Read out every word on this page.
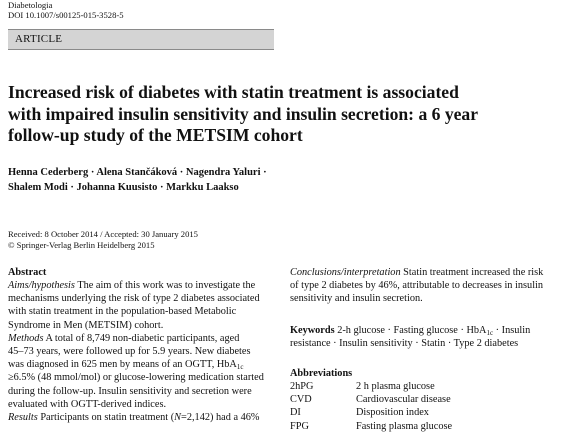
Diabetologia
DOI 10.1007/s00125-015-3528-5
ARTICLE
Increased risk of diabetes with statin treatment is associated
with impaired insulin sensitivity and insulin secretion: a 6 year
follow-up study of the METSIM cohort
Henna Cederberg · Alena Stančáková · Nagendra Yaluri ·
Shalem Modi · Johanna Kuusisto · Markku Laakso
Received: 8 October 2014 / Accepted: 30 January 2015
© Springer-Verlag Berlin Heidelberg 2015
Abstract
Aims/hypothesis The aim of this work was to investigate the
mechanisms underlying the risk of type 2 diabetes associated
with statin treatment in the population-based Metabolic
Syndrome in Men (METSIM) cohort.
Methods A total of 8,749 non-diabetic participants, aged
45–73 years, were followed up for 5.9 years. New diabetes
was diagnosed in 625 men by means of an OGTT, HbA$_{1c}$
≥6.5% (48 mmol/mol) or glucose-lowering medication started
during the follow-up. Insulin sensitivity and secretion were
evaluated with OGTT-derived indices.
Results Participants on statin treatment (N=2,142) had a 46%
Conclusions/interpretation Statin treatment increased the risk
of type 2 diabetes by 46%, attributable to decreases in insulin
sensitivity and insulin secretion.
Keywords 2-h glucose · Fasting glucose · HbA$_{1c}$ · Insulin
resistance · Insulin sensitivity · Statin · Type 2 diabetes
Abbreviations
2hPG	2 h plasma glucose
CVD	Cardiovascular disease
DI	Disposition index
FPG	Fasting plasma glucose
